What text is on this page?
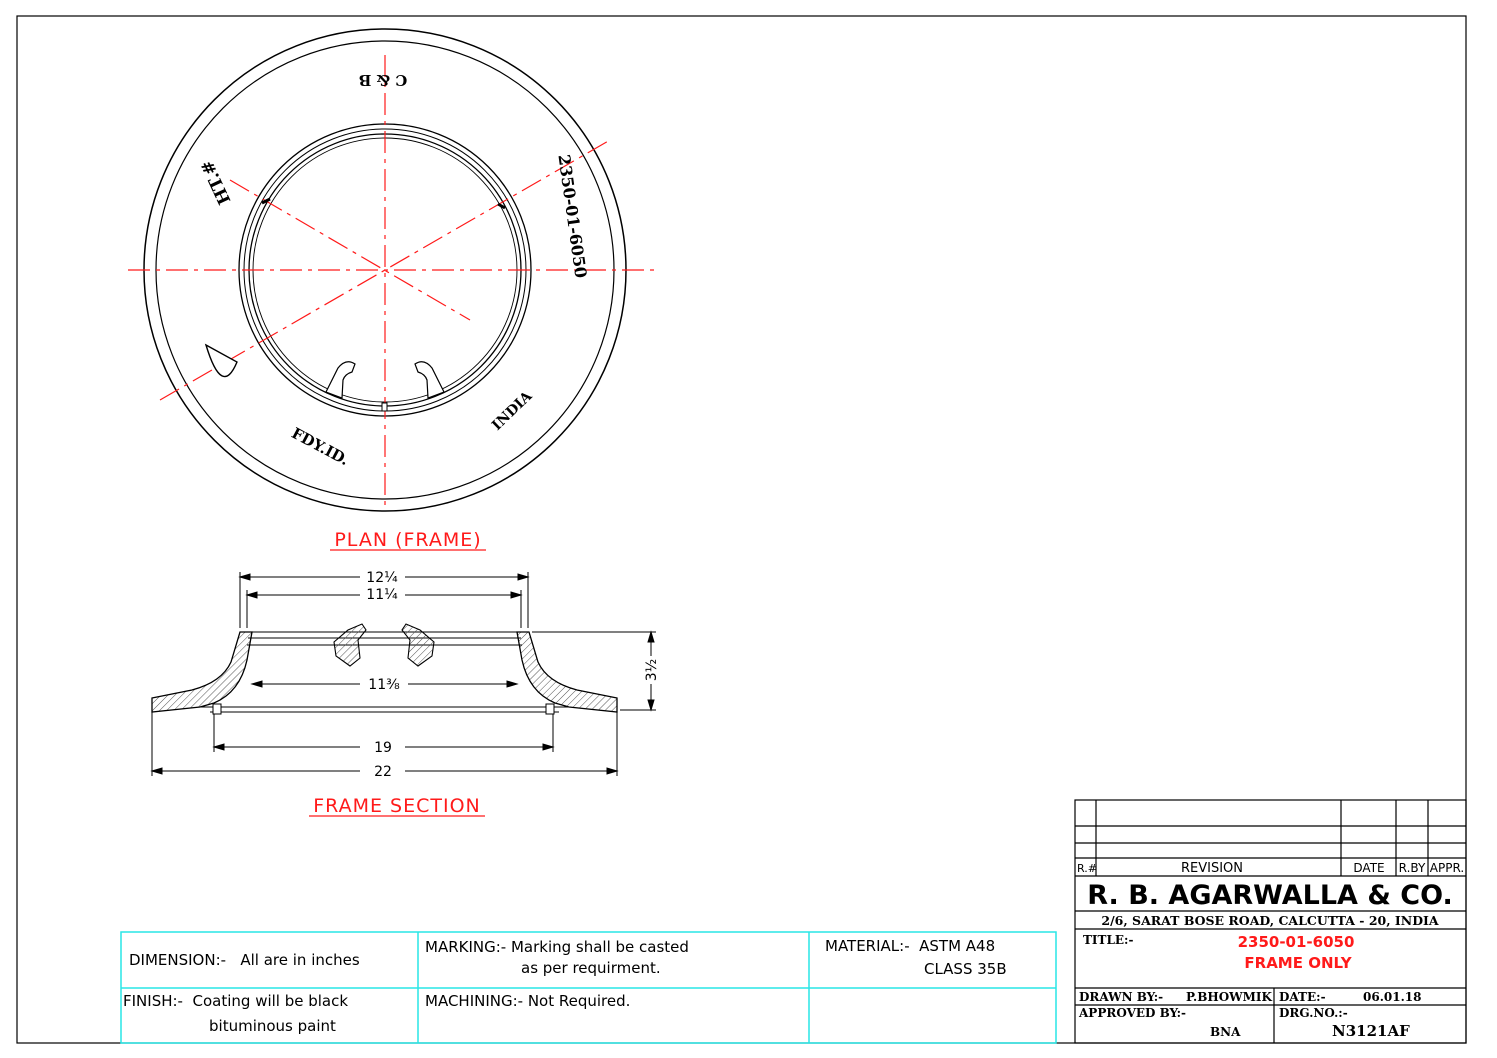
C & B
HT.#	2350-01-6050
FDY.ID.
INDIA
PLAN (FRAME)
12¼
11¼
11⅜
3½
19
22
FRAME SECTION
DIMENSION:-   All are in inches
MARKING:- Marking shall be casted
as per requirment.
MATERIAL:-  ASTM A48
CLASS 35B
FINISH:-  Coating will be black
bituminous paint
MACHINING:- Not Required.
R.#	REVISION	DATE R.BY APPR.
R. B. AGARWALLA & CO.
2/6, SARAT BOSE ROAD, CALCUTTA - 20, INDIA
TITLE:-	2350-01-6050
FRAME ONLY
DRAWN BY:- P.BHOWMIK DATE:-	06.01.18
APPROVED BY:-
BNA
DRG.NO.:-
N3121AF
